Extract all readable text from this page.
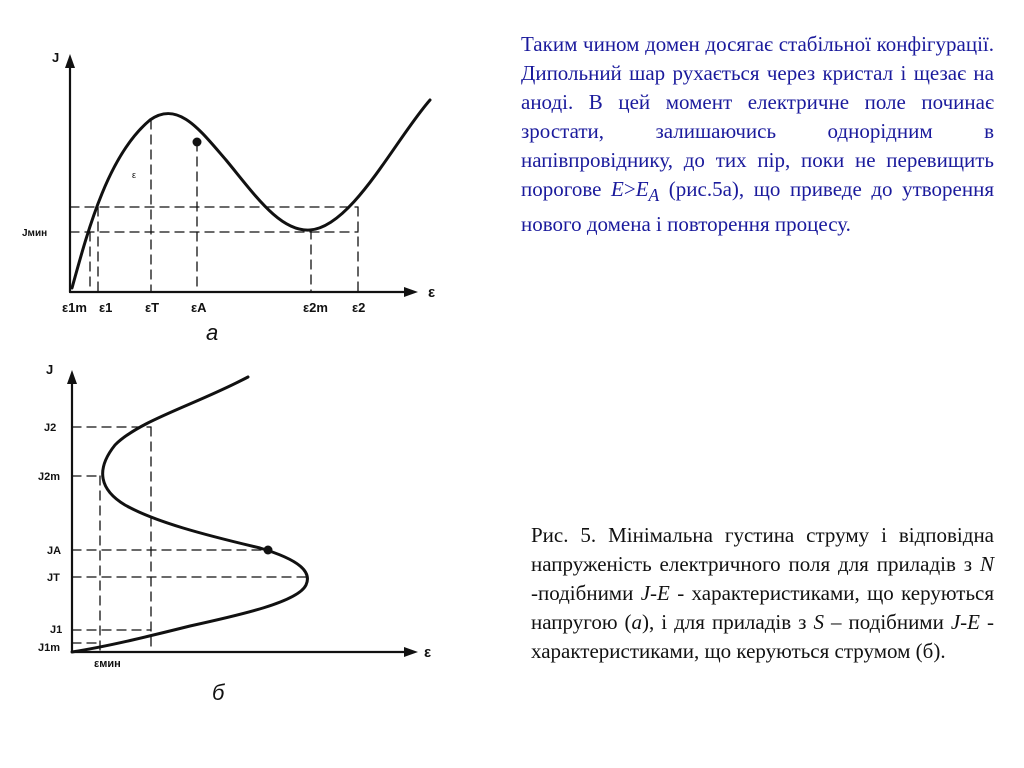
ε
J
ε
Jмин
ε1m ε1	εT εA	ε2m ε2
a
J
ε
J2
J2m
JA
JT
J1
J1m
εмин
б

Таким чином домен досягає стабільної конфігурації. Дипольний шар рухається через кристал і щезає на аноді. В цей момент електричне поле починає зростати, залишаючись однорідним в напівпровіднику, до тих пір, поки не перевищить порогове $E>E_A$ (рис.5а), що приведе до утворення нового домена і повторення процесу.

Рис. 5. Мінімальна густина струму і відповідна напруженість електричного поля для приладів з N -подібними J-E - характеристиками, що керуються напругою (а), і для приладів з S – подібними J-E - характеристиками, що керуються струмом (б).
